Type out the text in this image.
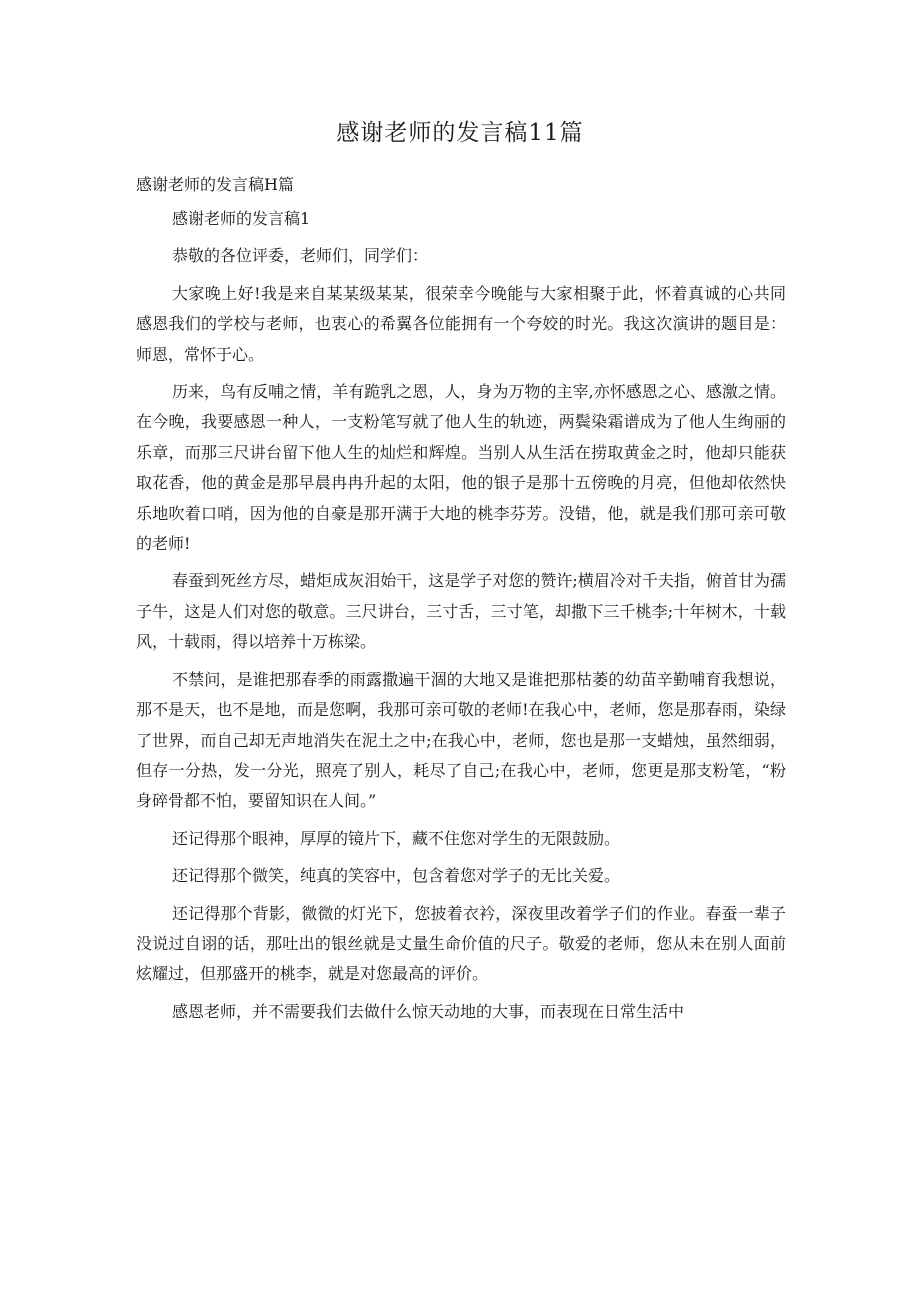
感谢老师的发言稿11篇
感谢老师的发言稿H篇

感谢老师的发言稿1

恭敬的各位评委，老师们，同学们：

大家晚上好!我是来自某某级某某，很荣幸今晚能与大家相聚于此，怀着真诚的心共同感恩我们的学校与老师，也衷心的希翼各位能拥有一个夸姣的时光。我这次演讲的题目是：师恩，常怀于心。

历来，鸟有反哺之情，羊有跪乳之恩，人，身为万物的主宰,亦怀感恩之心、感激之情。在今晚，我要感恩一种人，一支粉笔写就了他人生的轨迹，两鬓染霜谱成为了他人生绚丽的乐章，而那三尺讲台留下他人生的灿烂和辉煌。当别人从生活在捞取黄金之时，他却只能获取花香，他的黄金是那早晨冉冉升起的太阳，他的银子是那十五傍晚的月亮，但他却依然快乐地吹着口哨，因为他的自豪是那开满于大地的桃李芬芳。没错，他，就是我们那可亲可敬的老师!

春蚕到死丝方尽，蜡炬成灰泪始干，这是学子对您的赞许;横眉冷对千夫指，俯首甘为孺子牛，这是人们对您的敬意。三尺讲台，三寸舌，三寸笔，却撒下三千桃李;十年树木，十载风，十载雨，得以培养十万栋梁。

不禁问，是谁把那春季的雨露撒遍干涸的大地又是谁把那枯萎的幼苗辛勤哺育我想说，那不是天，也不是地，而是您啊，我那可亲可敬的老师!在我心中，老师，您是那春雨，染绿了世界，而自己却无声地消失在泥土之中;在我心中，老师，您也是那一支蜡烛，虽然细弱，但存一分热，发一分光，照亮了别人，耗尽了自己;在我心中，老师，您更是那支粉笔，“粉身碎骨都不怕，要留知识在人间。”

还记得那个眼神，厚厚的镜片下，藏不住您对学生的无限鼓励。

还记得那个微笑，纯真的笑容中，包含着您对学子的无比关爱。

还记得那个背影，微微的灯光下，您披着衣衿，深夜里改着学子们的作业。春蚕一辈子没说过自诩的话，那吐出的银丝就是丈量生命价值的尺子。敬爱的老师，您从未在别人面前炫耀过，但那盛开的桃李，就是对您最高的评价。

感恩老师，并不需要我们去做什么惊天动地的大事，而表现在日常生活中
